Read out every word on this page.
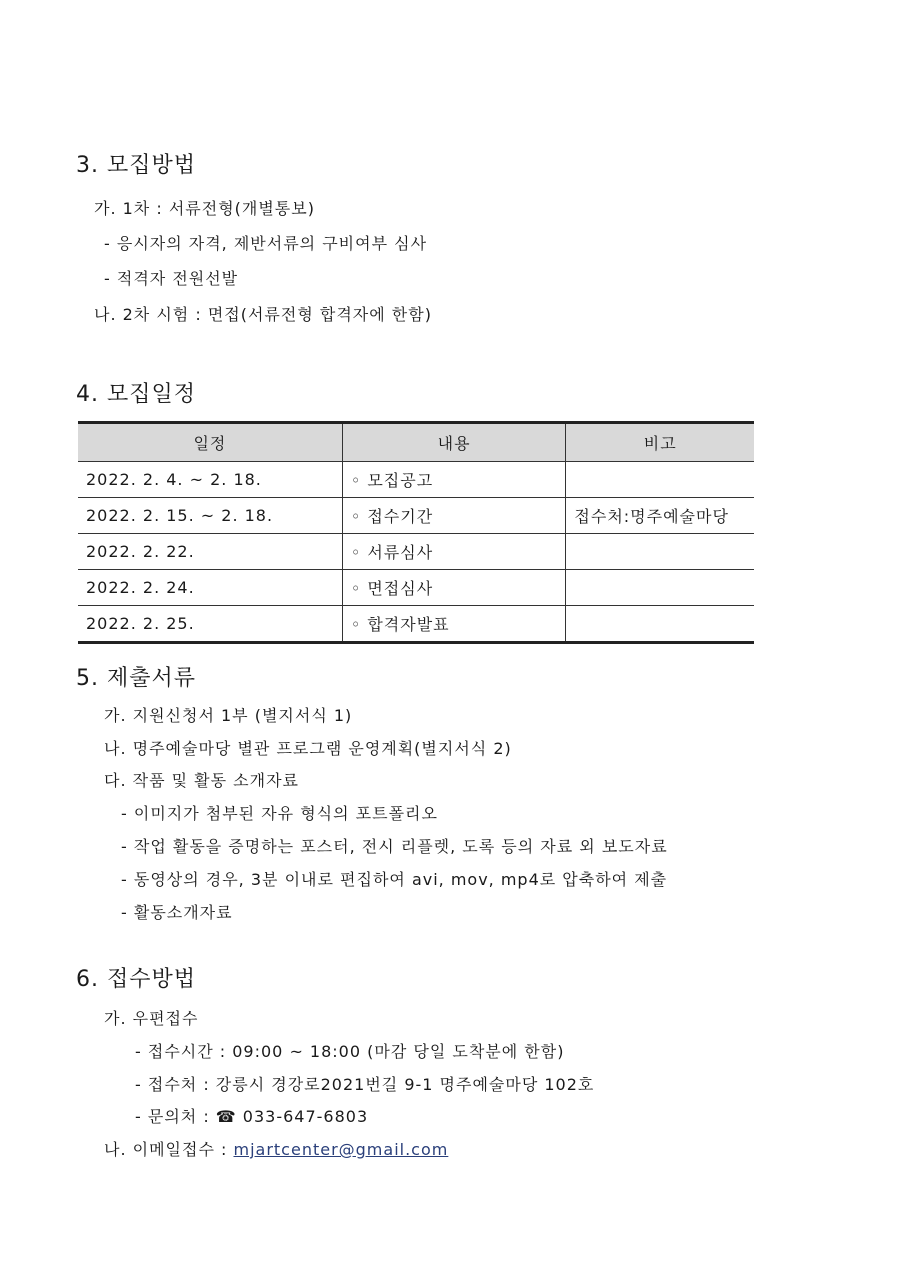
3. 모집방법
가. 1차 : 서류전형(개별통보)
- 응시자의 자격, 제반서류의 구비여부 심사
- 적격자 전원선발
나. 2차 시험 : 면접(서류전형 합격자에 한함)
4. 모집일정
일정	내용	비고
2022. 2. 4. ~ 2. 18.	◦ 모집공고	
2022. 2. 15. ~ 2. 18.	◦ 접수기간	접수처:명주예술마당
2022. 2. 22.	◦ 서류심사	
2022. 2. 24.	◦ 면접심사	
2022. 2. 25.	◦ 합격자발표	
5. 제출서류
가. 지원신청서 1부 (별지서식 1)
나. 명주예술마당 별관 프로그램 운영계획(별지서식 2)
다. 작품 및 활동 소개자료
- 이미지가 첨부된 자유 형식의 포트폴리오
- 작업 활동을 증명하는 포스터, 전시 리플렛, 도록 등의 자료 외 보도자료
- 동영상의 경우, 3분 이내로 편집하여 avi, mov, mp4로 압축하여 제출
- 활동소개자료
6. 접수방법
가. 우편접수
- 접수시간 : 09:00 ~ 18:00 (마감 당일 도착분에 한함)
- 접수처 : 강릉시 경강로2021번길 9-1 명주예술마당 102호
- 문의처 : ☎ 033-647-6803
나. 이메일접수 : mjartcenter@gmail.com
